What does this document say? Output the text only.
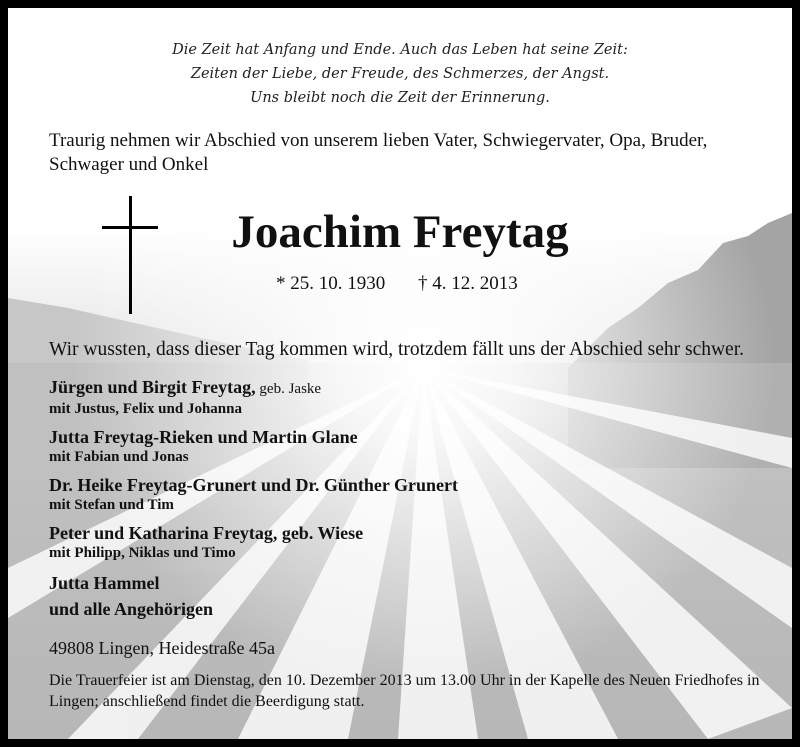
Die Zeit hat Anfang und Ende. Auch das Leben hat seine Zeit:
Zeiten der Liebe, der Freude, des Schmerzes, der Angst.
Uns bleibt noch die Zeit der Erinnerung.
Traurig nehmen wir Abschied von unserem lieben Vater, Schwiegervater, Opa, Bruder, Schwager und Onkel
Joachim Freytag
* 25. 10. 1930 † 4. 12. 2013
Wir wussten, dass dieser Tag kommen wird, trotzdem fällt uns der Abschied sehr schwer.
Jürgen und Birgit Freytag, geb. Jaske
mit Justus, Felix und Johanna
Jutta Freytag-Rieken und Martin Glane
mit Fabian und Jonas
Dr. Heike Freytag-Grunert und Dr. Günther Grunert
mit Stefan und Tim
Peter und Katharina Freytag, geb. Wiese
mit Philipp, Niklas und Timo
Jutta Hammel
und alle Angehörigen
49808 Lingen, Heidestraße 45a
Die Trauerfeier ist am Dienstag, den 10. Dezember 2013 um 13.00 Uhr in der Kapelle des Neuen Friedhofes in Lingen; anschließend findet die Beerdigung statt.
